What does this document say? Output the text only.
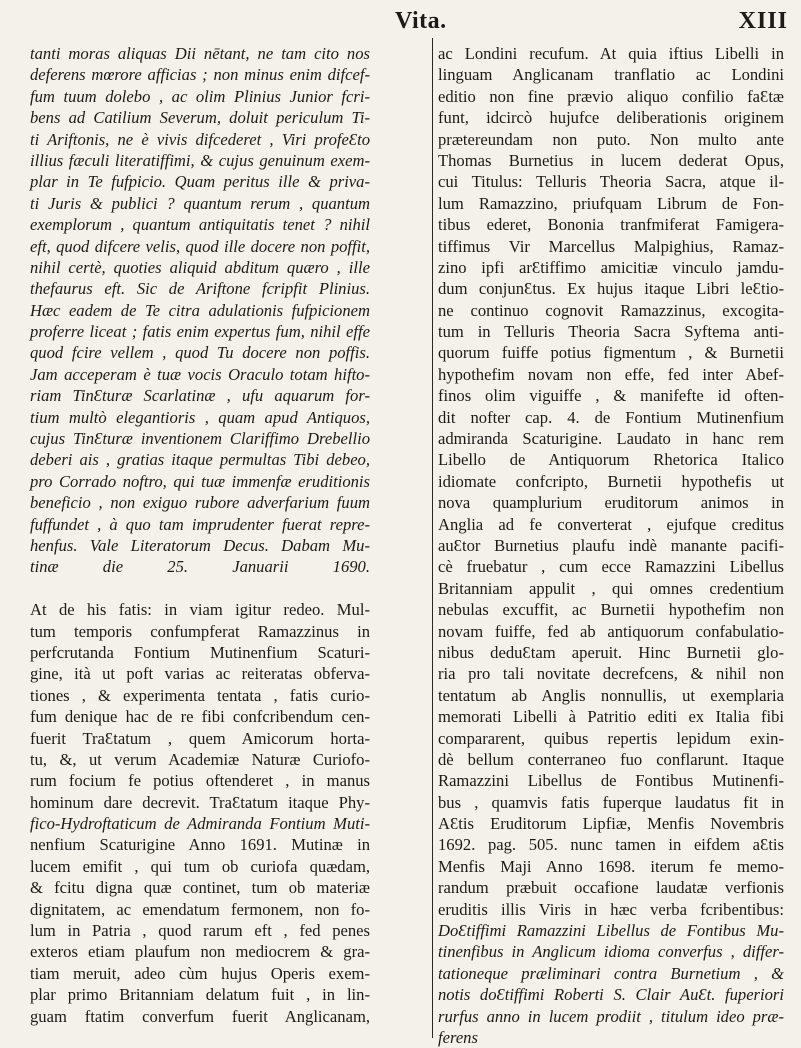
Vita.	XIII
tanti moras aliquas Dii nētant, ne tam cito nos
deferens mœrore afficias ; non minus enim difcef-
fum tuum dolebo , ac olim Plinius Junior fcri-
bens ad Catilium Severum, doluit periculum Ti-
ti Ariftonis, ne è vivis difcederet , Viri profeƐto
illius fæculi literatiffimi, & cujus genuinum exem-
plar in Te fufpicio. Quam peritus ille & priva-
ti Juris & publici ? quantum rerum , quantum
exemplorum , quantum antiquitatis tenet ? nihil
eft, quod difcere velis, quod ille docere non poffit,
nihil certè, quoties aliquid abditum quæro , ille
thefaurus eft. Sic de Ariftone fcripfit Plinius.
Hæc eadem de Te citra adulationis fufpicionem
proferre liceat ; fatis enim expertus fum, nihil effe
quod fcire vellem , quod Tu docere non poffis.
Jam acceperam è tuæ vocis Oraculo totam hifto-
riam TinƐturæ Scarlatinæ , ufu aquarum for-
tium multò elegantioris , quam apud Antiquos,
cujus TinƐturæ inventionem Clariffimo Drebellio
deberi ais , gratias itaque permultas Tibi debeo,
pro Corrado noftro, qui tuæ immenfæ eruditionis
beneficio , non exiguo rubore adverfarium fuum
fuffundet , à quo tam imprudenter fuerat repre-
henfus. Vale Literatorum Decus. Dabam Mu-
tinæ die 25. Januarii 1690.
At de his fatis: in viam igitur redeo. Mul-
tum temporis confumpferat Ramazzinus in
perfcrutanda Fontium Mutinenfium Scaturi-
gine, ità ut poft varias ac reiteratas obferva-
tiones , & experimenta tentata , fatis curio-
fum denique hac de re fibi confcribendum cen-
fuerit TraƐtatum , quem Amicorum horta-
tu, &, ut verum Academiæ Naturæ Curiofo-
rum focium fe potius oftenderet , in manus
hominum dare decrevit. TraƐtatum itaque Phy-
fico-Hydroftaticum de Admiranda Fontium Muti-
nenfium Scaturigine Anno 1691. Mutinæ in
lucem emifit , qui tum ob curiofa quædam,
& fcitu digna quæ continet, tum ob materiæ
dignitatem, ac emendatum fermonem, non fo-
lum in Patria , quod rarum eft , fed penes
exteros etiam plaufum non mediocrem & gra-
tiam meruit, adeo cùm hujus Operis exem-
plar primo Britanniam delatum fuit , in lin-
guam ftatim converfum fuerit Anglicanam,
ac Londini recufum. At quia iftius Libelli in
linguam Anglicanam tranflatio ac Londini
editio non fine prævio aliquo confilio faƐtæ
funt, idcircò hujufce deliberationis originem
prætereundam non puto. Non multo ante
Thomas Burnetius in lucem dederat Opus,
cui Titulus: Telluris Theoria Sacra, atque il-
lum Ramazzino, priufquam Librum de Fon-
tibus ederet, Bononia tranfmiferat Famigera-
tiffimus Vir Marcellus Malpighius, Ramaz-
zino ipfi arƐtiffimo amicitiæ vinculo jamdu-
dum conjunƐtus. Ex hujus itaque Libri leƐtio-
ne continuo cognovit Ramazzinus, excogita-
tum in Telluris Theoria Sacra Syftema anti-
quorum fuiffe potius figmentum , & Burnetii
hypothefim novam non effe, fed inter Abef-
finos olim viguiffe , & manifefte id often-
dit nofter cap. 4. de Fontium Mutinenfium
admiranda Scaturigine. Laudato in hanc rem
Libello de Antiquorum Rhetorica Italico
idiomate confcripto, Burnetii hypothefis ut
nova quamplurium eruditorum animos in
Anglia ad fe converterat , ejufque creditus
auƐtor Burnetius plaufu indè manante pacifi-
cè fruebatur , cum ecce Ramazzini Libellus
Britanniam appulit , qui omnes credentium
nebulas excuffit, ac Burnetii hypothefim non
novam fuiffe, fed ab antiquorum confabulatio-
nibus deduƐtam aperuit. Hinc Burnetii glo-
ria pro tali novitate decrefcens, & nihil non
tentatum ab Anglis nonnullis, ut exemplaria
memorati Libelli à Patritio editi ex Italia fibi
compararent, quibus repertis lepidum exin-
dè bellum conterraneo fuo conflarunt. Itaque
Ramazzini Libellus de Fontibus Mutinenfi-
bus , quamvis fatis fuperque laudatus fit in
AƐtis Eruditorum Lipfiæ, Menfis Novembris
1692. pag. 505. nunc tamen in eifdem aƐtis
Menfis Maji Anno 1698. iterum fe memo-
randum præbuit occafione laudatæ verfionis
eruditis illis Viris in hæc verba fcribentibus:
DoƐtiffimi Ramazzini Libellus de Fontibus Mu-
tinenfibus in Anglicum idioma converfus , differ-
tationeque præliminari contra Burnetium , &
notis doƐtiffimi Roberti S. Clair AuƐt. fuperiori
rurfus anno in lucem prodiit , titulum ideo præ-
ferens
